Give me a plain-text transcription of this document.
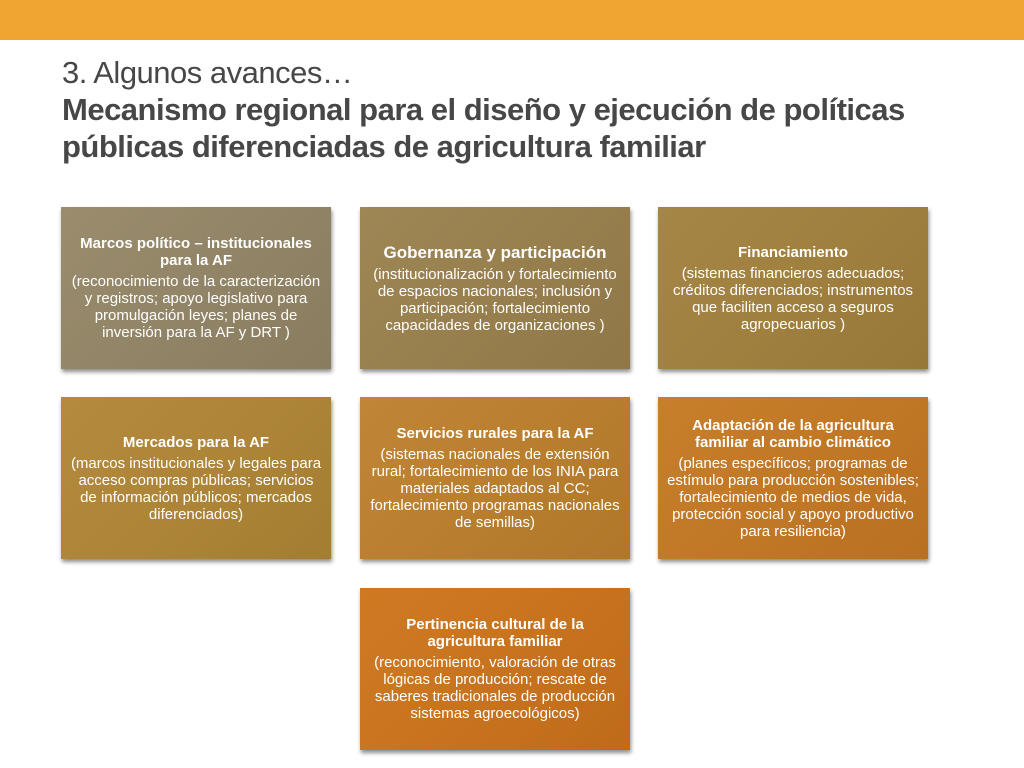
3. Algunos avances…
Mecanismo regional para el diseño y ejecución de políticas
públicas diferenciadas de agricultura familiar
Marcos político – institucionales para la AF
(reconocimiento de la caracterización y registros; apoyo legislativo para promulgación leyes; planes de inversión para la AF y DRT )
Gobernanza y participación
(institucionalización y fortalecimiento de espacios nacionales; inclusión y participación; fortalecimiento capacidades de organizaciones )
Financiamiento
(sistemas financieros adecuados; créditos diferenciados; instrumentos que faciliten acceso a seguros agropecuarios )
Mercados para la AF
(marcos institucionales y legales para acceso compras públicas; servicios de información públicos; mercados diferenciados)
Servicios rurales para la AF
(sistemas nacionales de extensión rural; fortalecimiento de los INIA para materiales adaptados al CC; fortalecimiento programas nacionales de semillas)
Adaptación de la agricultura familiar al cambio climático
(planes específicos; programas de estímulo para producción sostenibles; fortalecimiento de medios de vida, protección social y apoyo productivo para resiliencia)
Pertinencia cultural de la agricultura familiar
(reconocimiento, valoración de otras lógicas de producción; rescate de saberes tradicionales de producción sistemas agroecológicos)
